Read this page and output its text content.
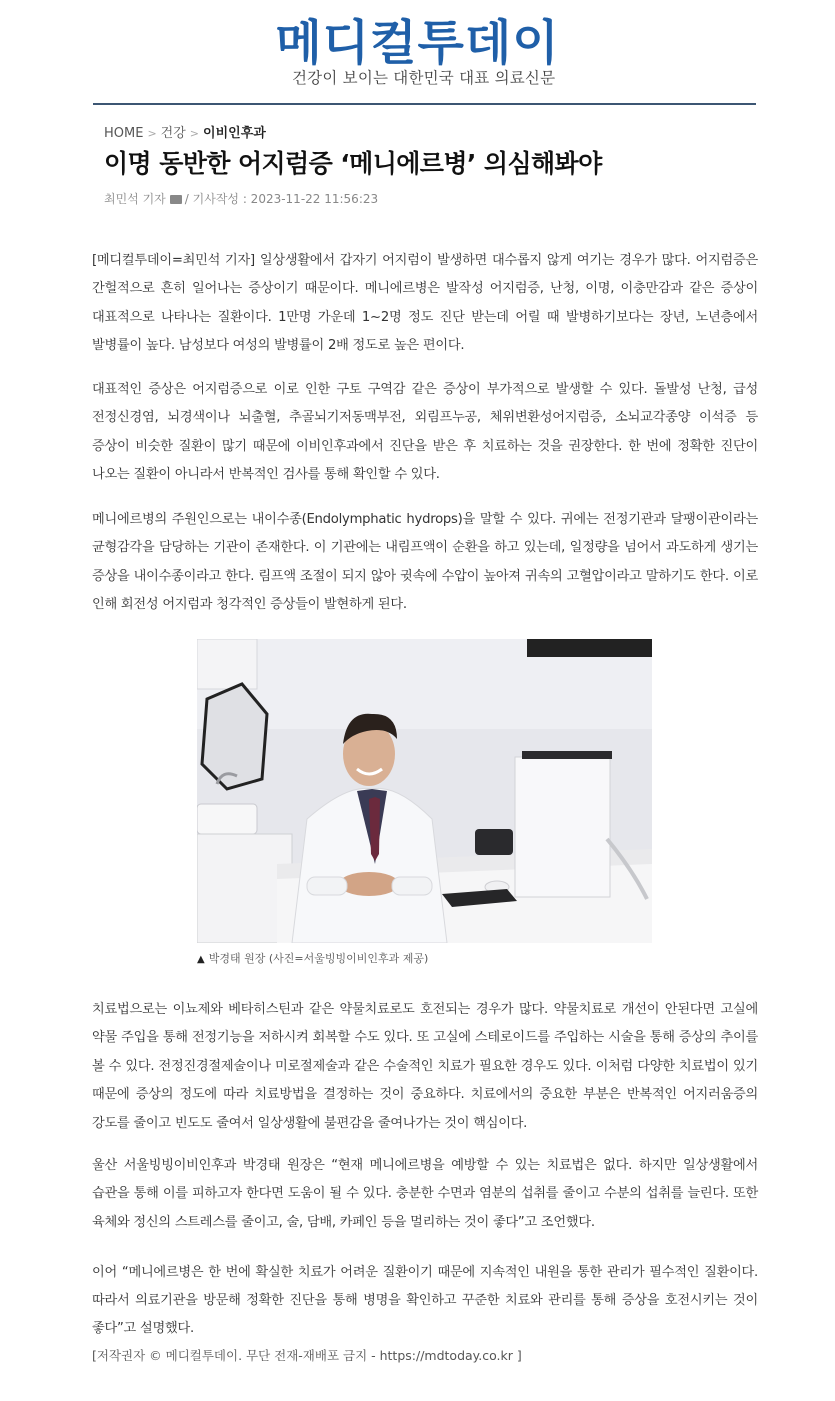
메디컬투데이
건강이 보이는 대한민국 대표 의료신문
HOME > 건강 > 이비인후과
이명 동반한 어지럼증 ‘메니에르병’ 의심해봐야
최민석 기자 / 기사작성 : 2023-11-22 11:56:23

[메디컬투데이=최민석 기자] 일상생활에서 갑자기 어지럼이 발생하면 대수롭지 않게 여기는 경우가 많다. 어지럼증은 간헐적으로 흔히 일어나는 증상이기 때문이다. 메니에르병은 발작성 어지럼증, 난청, 이명, 이충만감과 같은 증상이 대표적으로 나타나는 질환이다. 1만명 가운데 1~2명 정도 진단 받는데 어릴 때 발병하기보다는 장년, 노년층에서 발병률이 높다. 남성보다 여성의 발병률이 2배 정도로 높은 편이다.

대표적인 증상은 어지럼증으로 이로 인한 구토 구역감 같은 증상이 부가적으로 발생할 수 있다. 돌발성 난청, 급성 전정신경염, 뇌경색이나 뇌출혈, 추골뇌기저동맥부전, 외림프누공, 체위변환성어지럼증, 소뇌교각종양 이석증 등 증상이 비슷한 질환이 많기 때문에 이비인후과에서 진단을 받은 후 치료하는 것을 권장한다. 한 번에 정확한 진단이 나오는 질환이 아니라서 반복적인 검사를 통해 확인할 수 있다.

메니에르병의 주원인으로는 내이수종(Endolymphatic hydrops)을 말할 수 있다. 귀에는 전정기관과 달팽이관이라는 균형감각을 담당하는 기관이 존재한다. 이 기관에는 내림프액이 순환을 하고 있는데, 일정량을 넘어서 과도하게 생기는 증상을 내이수종이라고 한다. 림프액 조절이 되지 않아 귓속에 수압이 높아져 귀속의 고혈압이라고 말하기도 한다. 이로 인해 회전성 어지럼과 청각적인 증상들이 발현하게 된다.

▲ 박경태 원장 (사진=서울빙빙이비인후과 제공)

치료법으로는 이뇨제와 베타히스틴과 같은 약물치료로도 호전되는 경우가 많다. 약물치료로 개선이 안된다면 고실에 약물 주입을 통해 전정기능을 저하시켜 회복할 수도 있다. 또 고실에 스테로이드를 주입하는 시술을 통해 증상의 추이를 볼 수 있다. 전정진경절제술이나 미로절제술과 같은 수술적인 치료가 필요한 경우도 있다. 이처럼 다양한 치료법이 있기 때문에 증상의 정도에 따라 치료방법을 결정하는 것이 중요하다. 치료에서의 중요한 부분은 반복적인 어지러움증의 강도를 줄이고 빈도도 줄여서 일상생활에 불편감을 줄여나가는 것이 핵심이다.

울산 서울빙빙이비인후과 박경태 원장은 “현재 메니에르병을 예방할 수 있는 치료법은 없다. 하지만 일상생활에서 습관을 통해 이를 피하고자 한다면 도움이 될 수 있다. 충분한 수면과 염분의 섭취를 줄이고 수분의 섭취를 늘린다. 또한 육체와 정신의 스트레스를 줄이고, 술, 담배, 카페인 등을 멀리하는 것이 좋다”고 조언했다.

이어 “메니에르병은 한 번에 확실한 치료가 어려운 질환이기 때문에 지속적인 내원을 통한 관리가 필수적인 질환이다. 따라서 의료기관을 방문해 정확한 진단을 통해 병명을 확인하고 꾸준한 치료와 관리를 통해 증상을 호전시키는 것이 좋다”고 설명했다.

[저작권자 © 메디컬투데이. 무단 전재-재배포 금지 - https://mdtoday.co.kr ]
